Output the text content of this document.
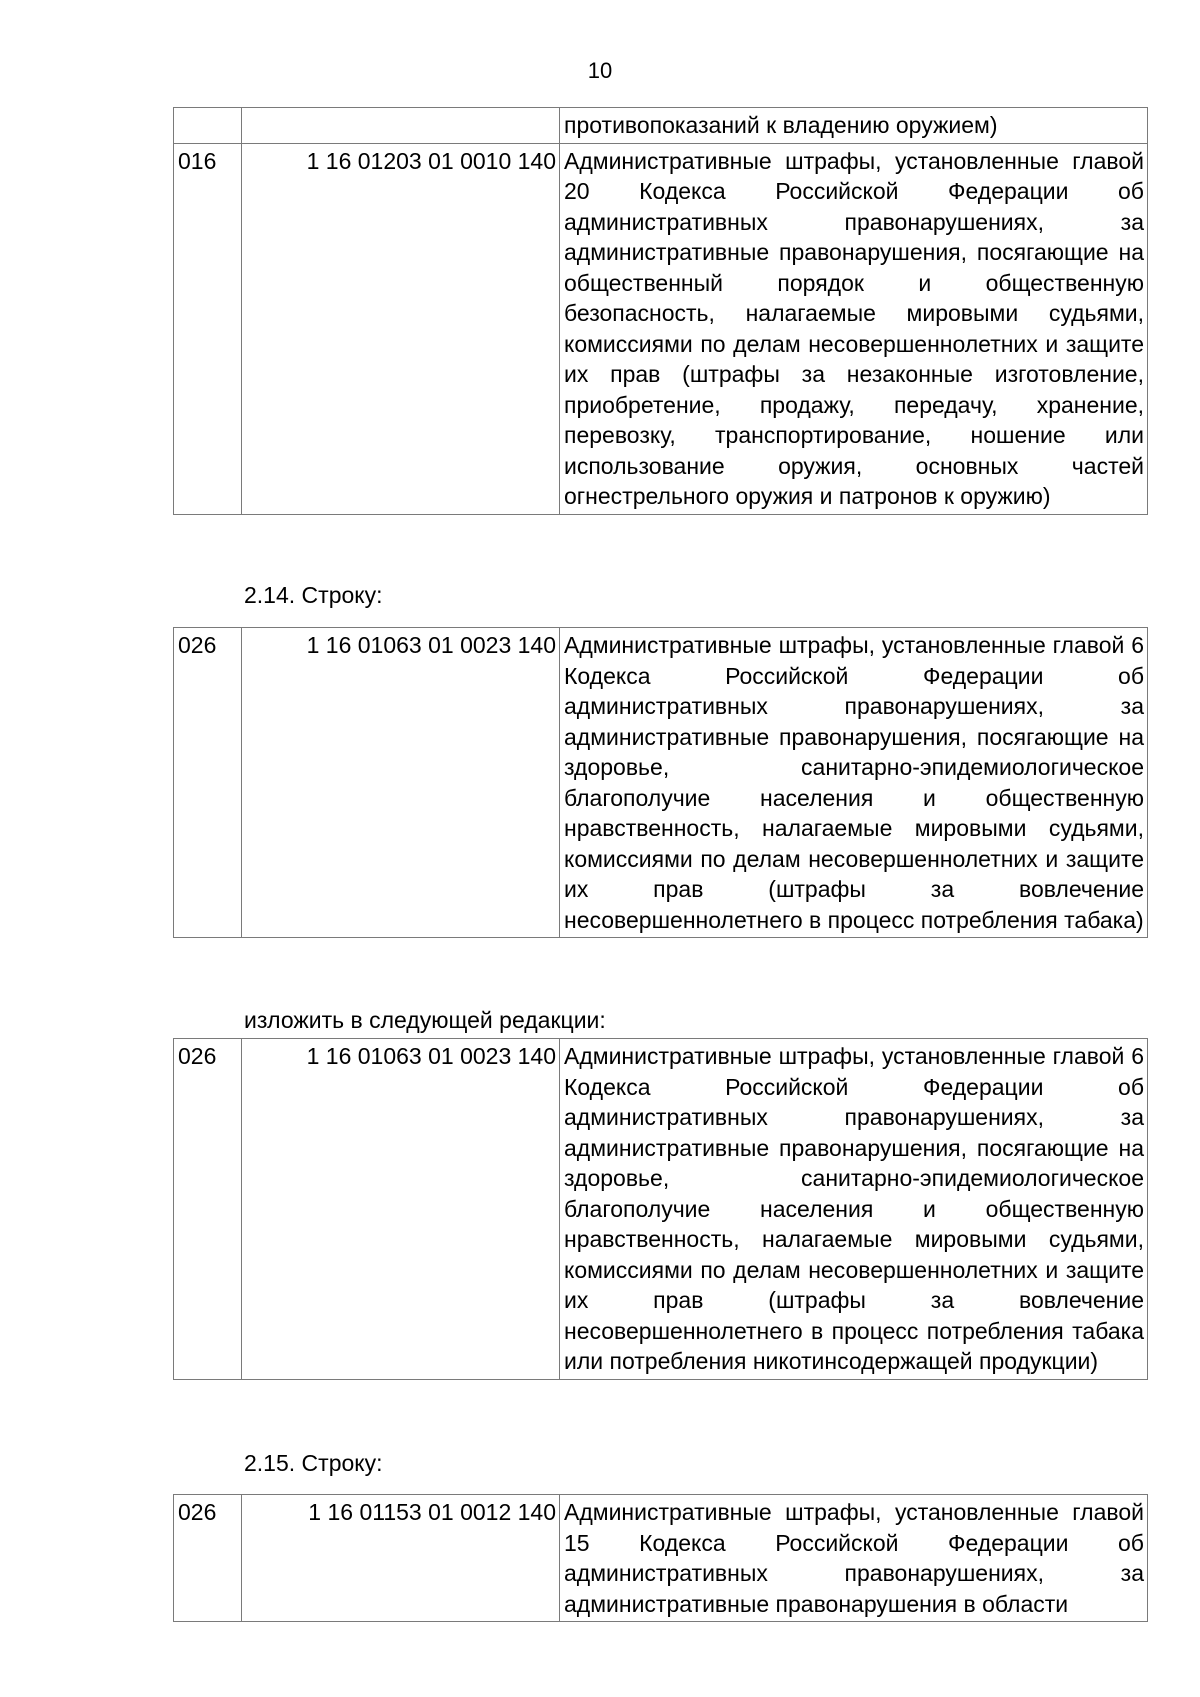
10
		противопоказаний к владению оружием)
016	1 16 01203 01 0010 140	Административные штрафы, установленные главой 20 Кодекса Российской Федерации об административных правонарушениях, за административные правонарушения, посягающие на общественный порядок и общественную безопасность, налагаемые мировыми судьями, комиссиями по делам несовершеннолетних и защите их прав (штрафы за незаконные изготовление, приобретение, продажу, передачу, хранение, перевозку, транспортирование, ношение или использование оружия, основных частей огнестрельного оружия и патронов к оружию)
2.14. Строку:
026	1 16 01063 01 0023 140	Административные штрафы, установленные главой 6 Кодекса Российской Федерации об административных правонарушениях, за административные правонарушения, посягающие на здоровье, санитарно-эпидемиологическое благополучие населения и общественную нравственность, налагаемые мировыми судьями, комиссиями по делам несовершеннолетних и защите их прав (штрафы за вовлечение несовершеннолетнего в процесс потребления табака)
изложить в следующей редакции:
026	1 16 01063 01 0023 140	Административные штрафы, установленные главой 6 Кодекса Российской Федерации об административных правонарушениях, за административные правонарушения, посягающие на здоровье, санитарно-эпидемиологическое благополучие населения и общественную нравственность, налагаемые мировыми судьями, комиссиями по делам несовершеннолетних и защите их прав (штрафы за вовлечение несовершеннолетнего в процесс потребления табака или потребления никотинсодержащей продукции)
2.15. Строку:
026	1 16 01153 01 0012 140	Административные штрафы, установленные главой 15 Кодекса Российской Федерации об административных правонарушениях, за административные правонарушения в области
